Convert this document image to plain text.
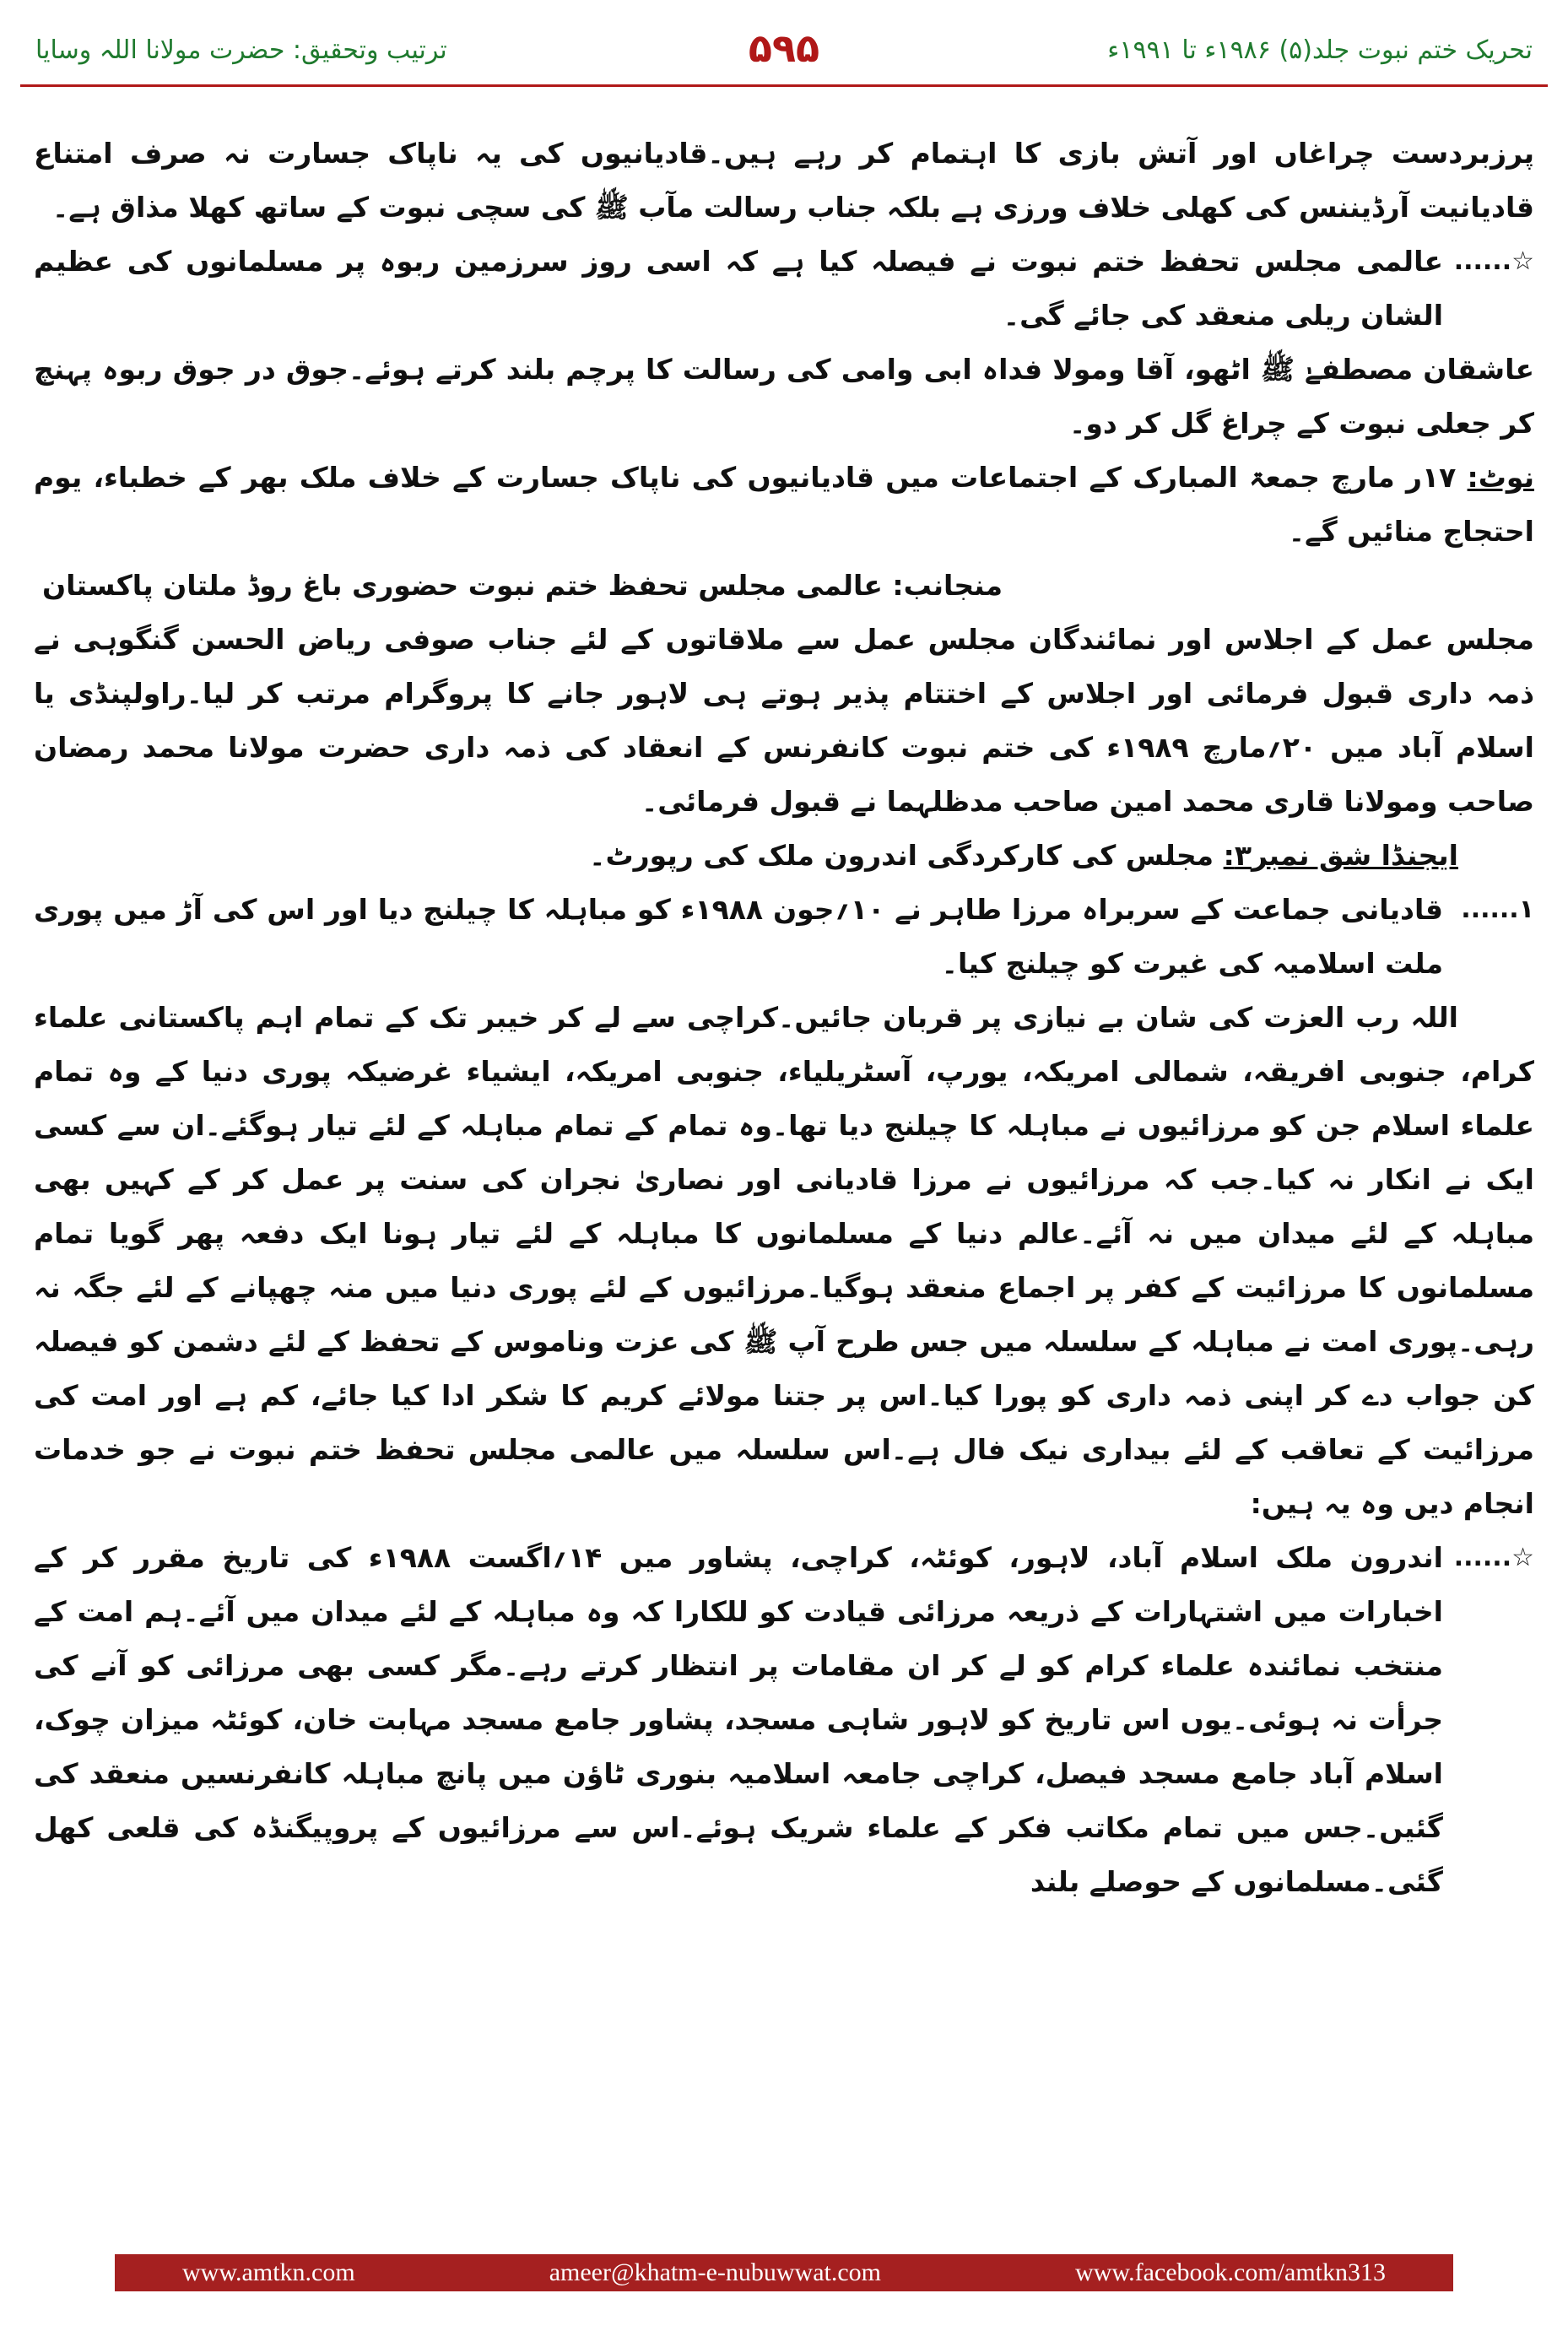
تحریک ختم نبوت جلد(۵) ۱۹۸۶ء تا ۱۹۹۱ء
۵۹۵
ترتیب وتحقیق: حضرت مولانا اللہ وسایا

پرزبردست چراغاں اور آتش بازی کا اہتمام کر رہے ہیں۔قادیانیوں کی یہ ناپاک جسارت نہ صرف امتناع قادیانیت آرڈیننس کی کھلی خلاف ورزی ہے بلکہ جناب رسالت مآب ﷺ کی سچی نبوت کے ساتھ کھلا مذاق ہے۔

☆......
عالمی مجلس تحفظ ختم نبوت نے فیصلہ کیا ہے کہ اسی روز سرزمین ربوہ پر مسلمانوں کی عظیم الشان ریلی منعقد کی جائے گی۔

عاشقان مصطفےٰ ﷺ اٹھو، آقا ومولا فداہ ابی وامی کی رسالت کا پرچم بلند کرتے ہوئے۔جوق در جوق ربوہ پہنچ کر جعلی نبوت کے چراغ گل کر دو۔

نوٹ: ۱۷ر مارچ جمعۃ المبارک کے اجتماعات میں قادیانیوں کی ناپاک جسارت کے خلاف ملک بھر کے خطباء، یوم احتجاج منائیں گے۔

منجانب: عالمی مجلس تحفظ ختم نبوت حضوری باغ روڈ ملتان پاکستان

مجلس عمل کے اجلاس اور نمائندگان مجلس عمل سے ملاقاتوں کے لئے جناب صوفی ریاض الحسن گنگوہی نے ذمہ داری قبول فرمائی اور اجلاس کے اختتام پذیر ہوتے ہی لاہور جانے کا پروگرام مرتب کر لیا۔راولپنڈی یا اسلام آباد میں ۲۰؍مارچ ۱۹۸۹ء کی ختم نبوت کانفرنس کے انعقاد کی ذمہ داری حضرت مولانا محمد رمضان صاحب ومولانا قاری محمد امین صاحب مدظلہما نے قبول فرمائی۔

ایجنڈا شق نمبر۳: مجلس کی کارکردگی اندرون ملک کی رپورٹ۔

۱......
قادیانی جماعت کے سربراہ مرزا طاہر نے ۱۰؍جون ۱۹۸۸ء کو مباہلہ کا چیلنج دیا اور اس کی آڑ میں پوری ملت اسلامیہ کی غیرت کو چیلنج کیا۔

اللہ رب العزت کی شان بے نیازی پر قربان جائیں۔کراچی سے لے کر خیبر تک کے تمام اہم پاکستانی علماء کرام، جنوبی افریقہ، شمالی امریکہ، یورپ، آسٹریلیاء، جنوبی امریکہ، ایشیاء غرضیکہ پوری دنیا کے وہ تمام علماء اسلام جن کو مرزائیوں نے مباہلہ کا چیلنج دیا تھا۔وہ تمام کے تمام مباہلہ کے لئے تیار ہوگئے۔ان سے کسی ایک نے انکار نہ کیا۔جب کہ مرزائیوں نے مرزا قادیانی اور نصاریٰ نجران کی سنت پر عمل کر کے کہیں بھی مباہلہ کے لئے میدان میں نہ آئے۔عالم دنیا کے مسلمانوں کا مباہلہ کے لئے تیار ہونا ایک دفعہ پھر گویا تمام مسلمانوں کا مرزائیت کے کفر پر اجماع منعقد ہوگیا۔مرزائیوں کے لئے پوری دنیا میں منہ چھپانے کے لئے جگہ نہ رہی۔پوری امت نے مباہلہ کے سلسلہ میں جس طرح آپ ﷺ کی عزت وناموس کے تحفظ کے لئے دشمن کو فیصلہ کن جواب دے کر اپنی ذمہ داری کو پورا کیا۔اس پر جتنا مولائے کریم کا شکر ادا کیا جائے، کم ہے اور امت کی مرزائیت کے تعاقب کے لئے بیداری نیک فال ہے۔اس سلسلہ میں عالمی مجلس تحفظ ختم نبوت نے جو خدمات انجام دیں وہ یہ ہیں:

☆......
اندرون ملک اسلام آباد، لاہور، کوئٹہ، کراچی، پشاور میں ۱۴؍اگست ۱۹۸۸ء کی تاریخ مقرر کر کے اخبارات میں اشتہارات کے ذریعہ مرزائی قیادت کو للکارا کہ وہ مباہلہ کے لئے میدان میں آئے۔ہم امت کے منتخب نمائندہ علماء کرام کو لے کر ان مقامات پر انتظار کرتے رہے۔مگر کسی بھی مرزائی کو آنے کی جرأت نہ ہوئی۔یوں اس تاریخ کو لاہور شاہی مسجد، پشاور جامع مسجد مہابت خان، کوئٹہ میزان چوک، اسلام آباد جامع مسجد فیصل، کراچی جامعہ اسلامیہ بنوری ٹاؤن میں پانچ مباہلہ کانفرنسیں منعقد کی گئیں۔جس میں تمام مکاتب فکر کے علماء شریک ہوئے۔اس سے مرزائیوں کے پروپیگنڈہ کی قلعی کھل گئی۔مسلمانوں کے حوصلے بلند

www.amtkn.com	ameer@khatm-e-nubuwwat.com	www.facebook.com/amtkn313
